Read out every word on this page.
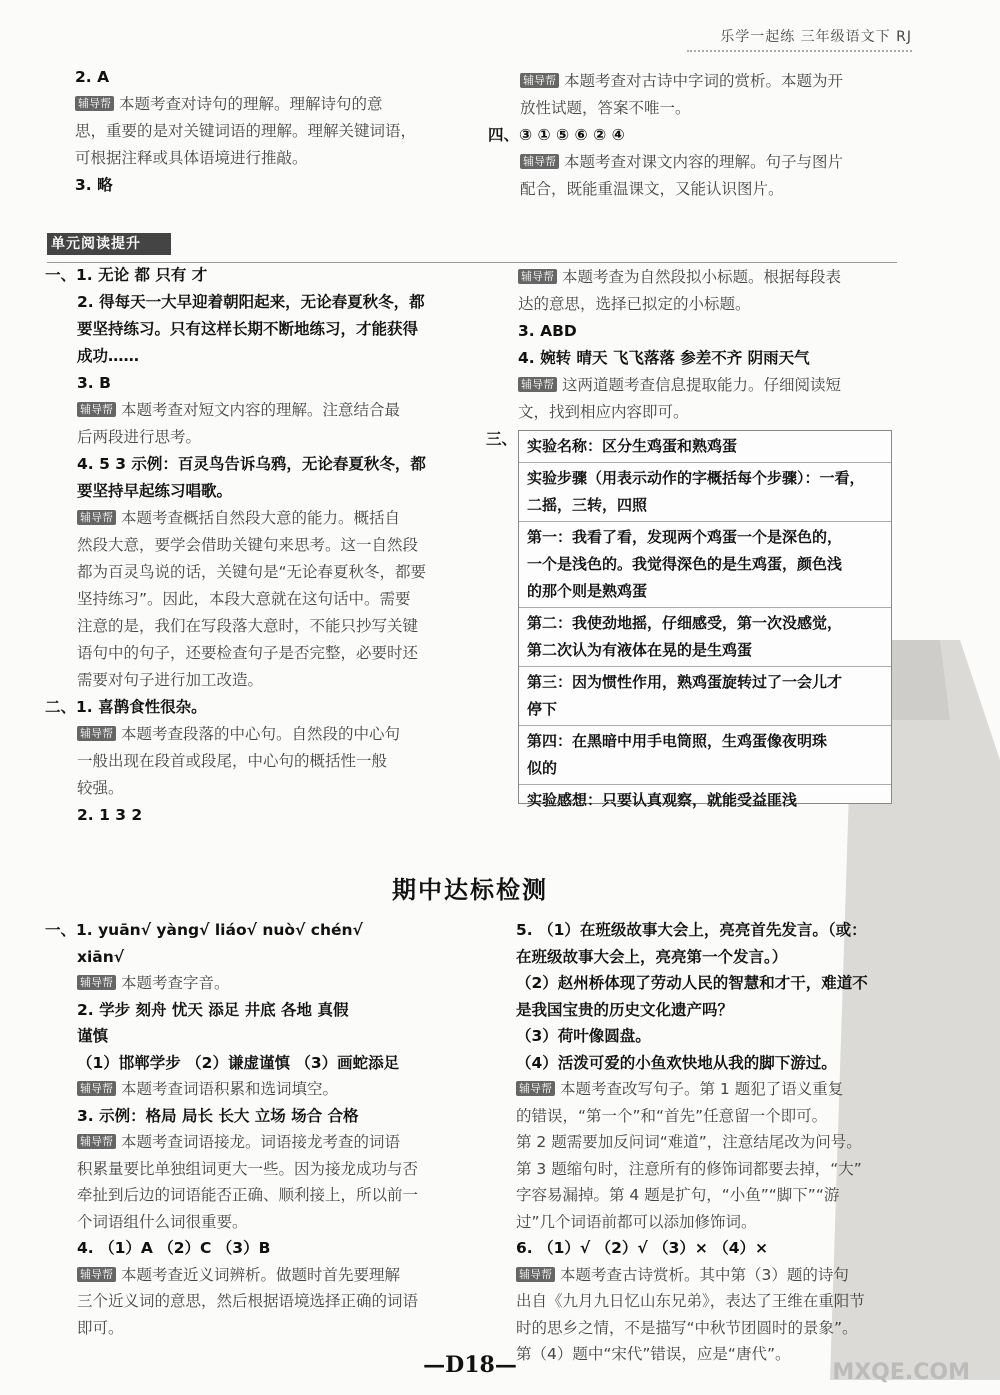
乐学一起练 三年级语文下 RJ
2. A
辅导帮 本题考查对诗句的理解。理解诗句的意
思，重要的是对关键词语的理解。理解关键词语，
可根据注释或具体语境进行推敲。
3. 略
辅导帮 本题考查对古诗中字词的赏析。本题为开
放性试题，答案不唯一。
四、③ ① ⑤ ⑥ ② ④
辅导帮 本题考查对课文内容的理解。句子与图片
配合，既能重温课文，又能认识图片。
单元阅读提升
一、1. 无论 都 只有 才
2. 得每天一大早迎着朝阳起来，无论春夏秋冬，都
要坚持练习。只有这样长期不断地练习，才能获得
成功……
3. B
辅导帮 本题考查对短文内容的理解。注意结合最
后两段进行思考。
4. 5 3 示例：百灵鸟告诉乌鸦，无论春夏秋冬，都
要坚持早起练习唱歌。
辅导帮 本题考查概括自然段大意的能力。概括自
然段大意，要学会借助关键句来思考。这一自然段
都为百灵鸟说的话，关键句是“无论春夏秋冬，都要
坚持练习”。因此，本段大意就在这句话中。需要
注意的是，我们在写段落大意时，不能只抄写关键
语句中的句子，还要检查句子是否完整，必要时还
需要对句子进行加工改造。
二、1. 喜鹊食性很杂。
辅导帮 本题考查段落的中心句。自然段的中心句
一般出现在段首或段尾，中心句的概括性一般
较强。
2. 1 3 2
辅导帮 本题考查为自然段拟小标题。根据每段表
达的意思，选择已拟定的小标题。
3. ABD
4. 婉转 晴天 飞飞落落 参差不齐 阴雨天气
辅导帮 这两道题考查信息提取能力。仔细阅读短
文，找到相应内容即可。
三、 实验名称：区分生鸡蛋和熟鸡蛋
实验步骤（用表示动作的字概括每个步骤）：一看，
二摇，三转，四照
第一：我看了看，发现两个鸡蛋一个是深色的，
一个是浅色的。我觉得深色的是生鸡蛋，颜色浅
的那个则是熟鸡蛋
第二：我使劲地摇，仔细感受，第一次没感觉，
第二次认为有液体在晃的是生鸡蛋
第三：因为惯性作用，熟鸡蛋旋转过了一会儿才
停下
第四：在黑暗中用手电筒照，生鸡蛋像夜明珠
似的
实验感想：只要认真观察，就能受益匪浅
期中达标检测
一、1. yuān√ yàng√ liáo√ nuò√ chén√
xiān√
辅导帮 本题考查字音。
2. 学步 刻舟 忧天 添足 井底 各地 真假
谨慎
（1）邯郸学步 （2）谦虚谨慎 （3）画蛇添足
辅导帮 本题考查词语积累和选词填空。
3. 示例：格局 局长 长大 立场 场合 合格
辅导帮 本题考查词语接龙。词语接龙考查的词语
积累量要比单独组词更大一些。因为接龙成功与否
牵扯到后边的词语能否正确、顺利接上，所以前一
个词语组什么词很重要。
4. （1）A （2）C （3）B
辅导帮 本题考查近义词辨析。做题时首先要理解
三个近义词的意思，然后根据语境选择正确的词语
即可。
5. （1）在班级故事大会上，亮亮首先发言。（或：
在班级故事大会上，亮亮第一个发言。）
（2）赵州桥体现了劳动人民的智慧和才干，难道不
是我国宝贵的历史文化遗产吗？
（3）荷叶像圆盘。
（4）活泼可爱的小鱼欢快地从我的脚下游过。
辅导帮 本题考查改写句子。第 1 题犯了语义重复
的错误，“第一个”和“首先”任意留一个即可。
第 2 题需要加反问词“难道”，注意结尾改为问号。
第 3 题缩句时，注意所有的修饰词都要去掉，“大”
字容易漏掉。第 4 题是扩句，“小鱼”“脚下”“游
过”几个词语前都可以添加修饰词。
6. （1）√ （2）√ （3）× （4）×
辅导帮 本题考查古诗赏析。其中第（3）题的诗句
出自《九月九日忆山东兄弟》，表达了王维在重阳节
时的思乡之情，不是描写“中秋节团圆时的景象”。
第（4）题中“宋代”错误，应是“唐代”。
—D18—	MXQE.COM
